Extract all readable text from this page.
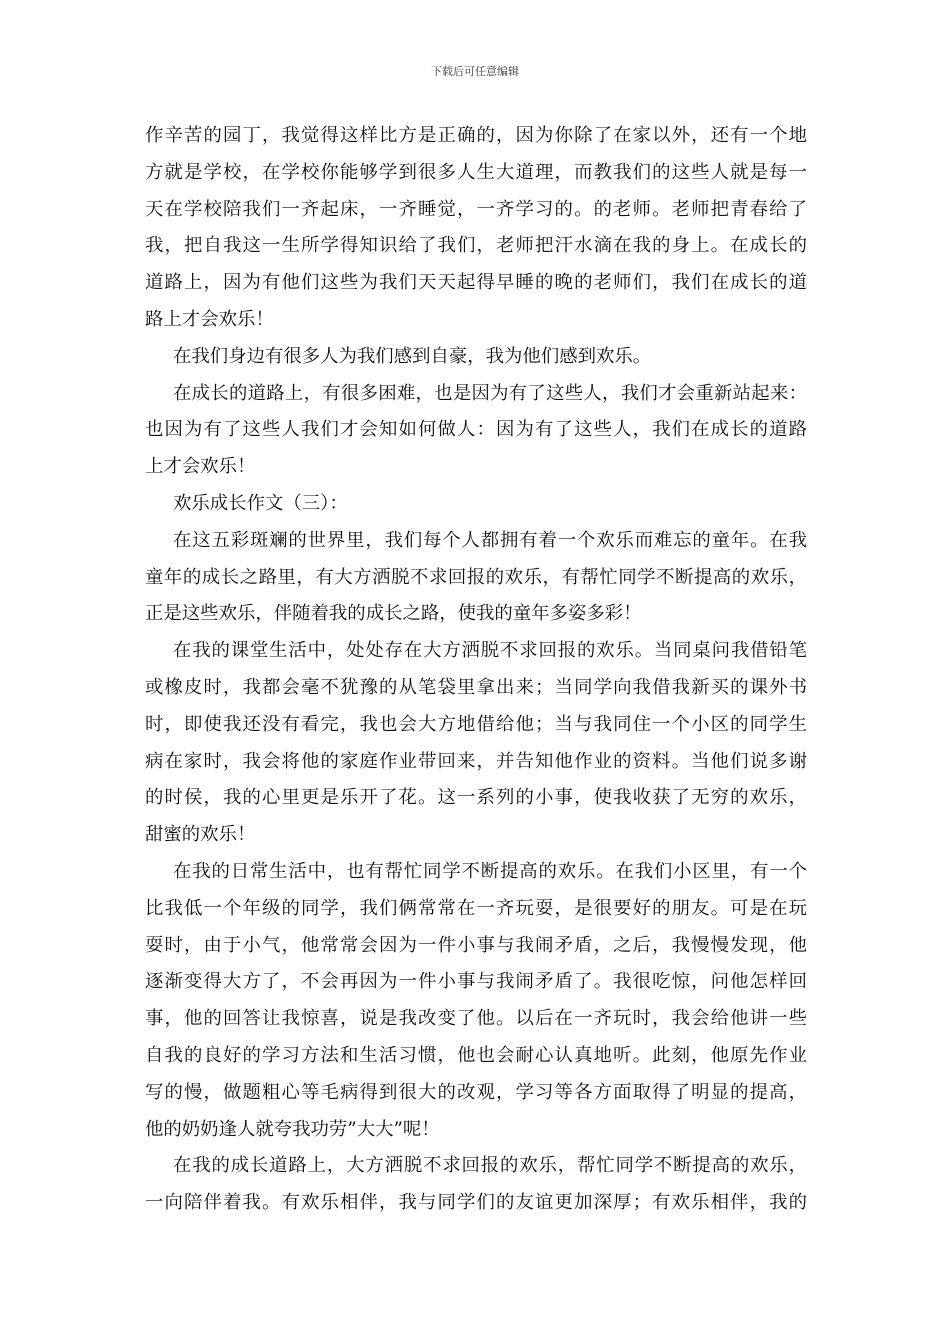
下载后可任意编辑
作辛苦的园丁，我觉得这样比方是正确的，因为你除了在家以外，还有一个地
方就是学校，在学校你能够学到很多人生大道理，而教我们的这些人就是每一
天在学校陪我们一齐起床，一齐睡觉，一齐学习的。的老师。老师把青春给了
我，把自我这一生所学得知识给了我们，老师把汗水滴在我的身上。在成长的
道路上，因为有他们这些为我们天天起得早睡的晚的老师们，我们在成长的道
路上才会欢乐！
在我们身边有很多人为我们感到自豪，我为他们感到欢乐。
在成长的道路上，有很多困难，也是因为有了这些人，我们才会重新站起来：
也因为有了这些人我们才会知如何做人：因为有了这些人，我们在成长的道路
上才会欢乐！
欢乐成长作文（三）：
在这五彩斑斓的世界里，我们每个人都拥有着一个欢乐而难忘的童年。在我
童年的成长之路里，有大方洒脱不求回报的欢乐，有帮忙同学不断提高的欢乐，
正是这些欢乐，伴随着我的成长之路，使我的童年多姿多彩！
在我的课堂生活中，处处存在大方洒脱不求回报的欢乐。当同桌问我借铅笔
或橡皮时，我都会毫不犹豫的从笔袋里拿出来；当同学向我借我新买的课外书
时，即使我还没有看完，我也会大方地借给他；当与我同住一个小区的同学生
病在家时，我会将他的家庭作业带回来，并告知他作业的资料。当他们说多谢
的时侯，我的心里更是乐开了花。这一系列的小事，使我收获了无穷的欢乐，
甜蜜的欢乐！
在我的日常生活中，也有帮忙同学不断提高的欢乐。在我们小区里，有一个
比我低一个年级的同学，我们俩常常在一齐玩耍，是很要好的朋友。可是在玩
耍时，由于小气，他常常会因为一件小事与我闹矛盾，之后，我慢慢发现，他
逐渐变得大方了，不会再因为一件小事与我闹矛盾了。我很吃惊，问他怎样回
事，他的回答让我惊喜，说是我改变了他。以后在一齐玩时，我会给他讲一些
自我的良好的学习方法和生活习惯，他也会耐心认真地听。此刻，他原先作业
写的慢，做题粗心等毛病得到很大的改观，学习等各方面取得了明显的提高，
他的奶奶逢人就夸我功劳”大大”呢！
在我的成长道路上，大方洒脱不求回报的欢乐，帮忙同学不断提高的欢乐，
一向陪伴着我。有欢乐相伴，我与同学们的友谊更加深厚；有欢乐相伴，我的
